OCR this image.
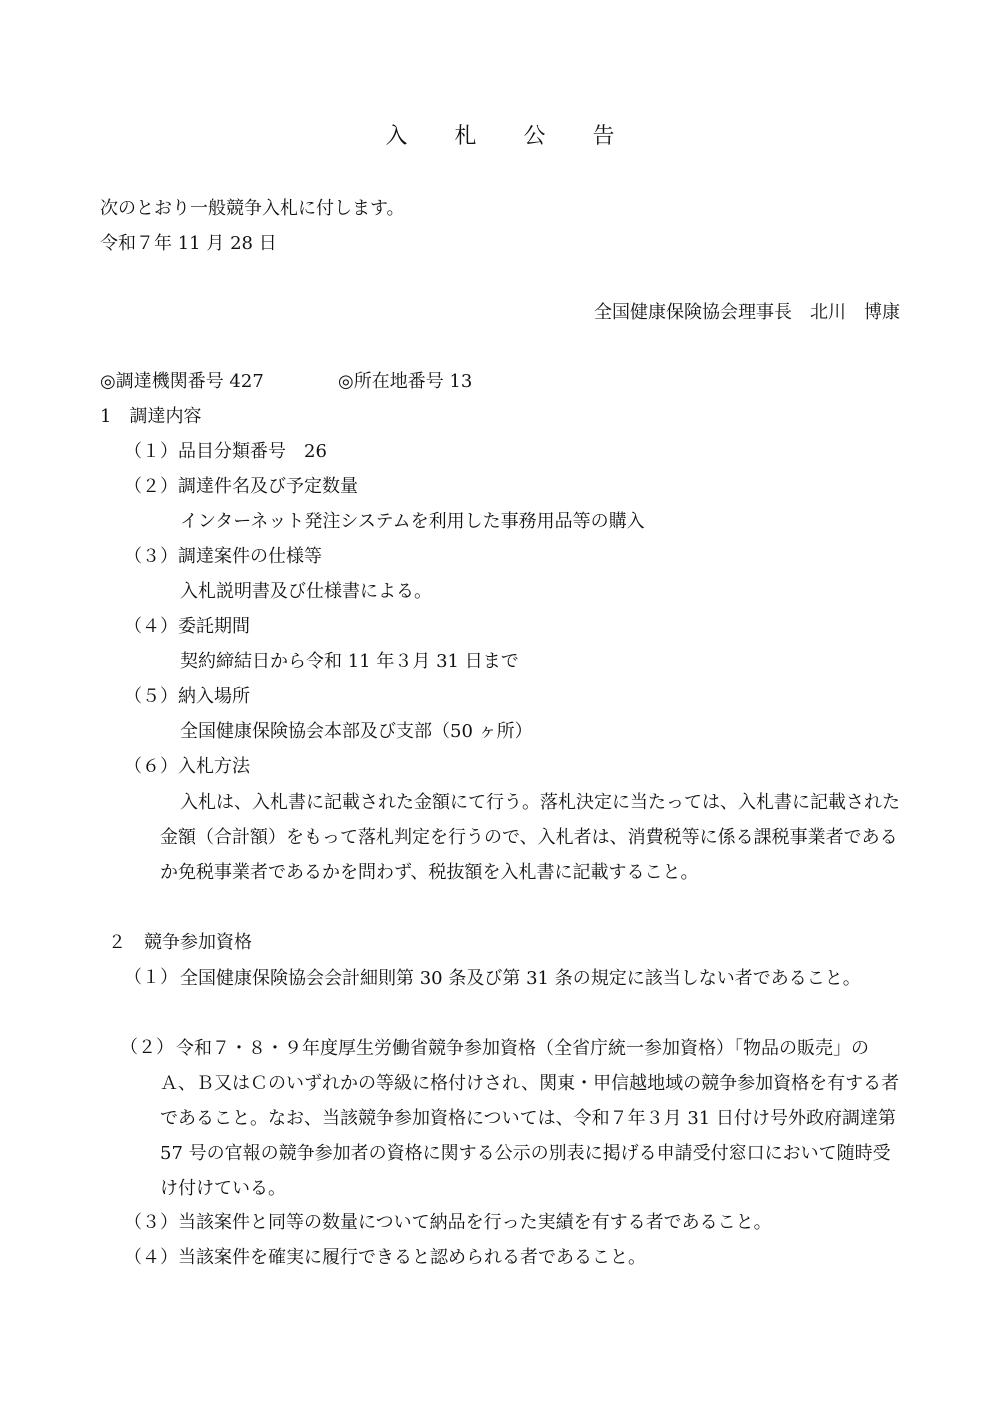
入 札 公 告
次のとおり一般競争入札に付します。
令和７年 11 月 28 日
全国健康保険協会理事長　北川　博康
◎調達機関番号 427	◎所在地番号 13
1　調達内容
（１）品目分類番号　26
（２）調達件名及び予定数量
インターネット発注システムを利用した事務用品等の購入
（３）調達案件の仕様等
入札説明書及び仕様書による。
（４）委託期間
契約締結日から令和 11 年３月 31 日まで
（５）納入場所
全国健康保険協会本部及び支部（50 ヶ所）
（６）入札方法
入札は、入札書に記載された金額にて行う。落札決定に当たっては、入札書に記載された金額（合計額）をもって落札判定を行うので、入札者は、消費税等に係る課税事業者であるか免税事業者であるかを問わず、税抜額を入札書に記載すること。
２　競争参加資格
（１） 全国健康保険協会会計細則第 30 条及び第 31 条の規定に該当しない者であること。
（２） 令和７・８・９年度厚生労働省競争参加資格（全省庁統一参加資格）「物品の販売」のＡ、Ｂ又はＣのいずれかの等級に格付けされ、関東・甲信越地域の競争参加資格を有する者であること。なお、当該競争参加資格については、令和７年３月 31 日付け号外政府調達第 57 号の官報の競争参加者の資格に関する公示の別表に掲げる申請受付窓口において随時受け付けている。
（３）当該案件と同等の数量について納品を行った実績を有する者であること。
（４）当該案件を確実に履行できると認められる者であること。
